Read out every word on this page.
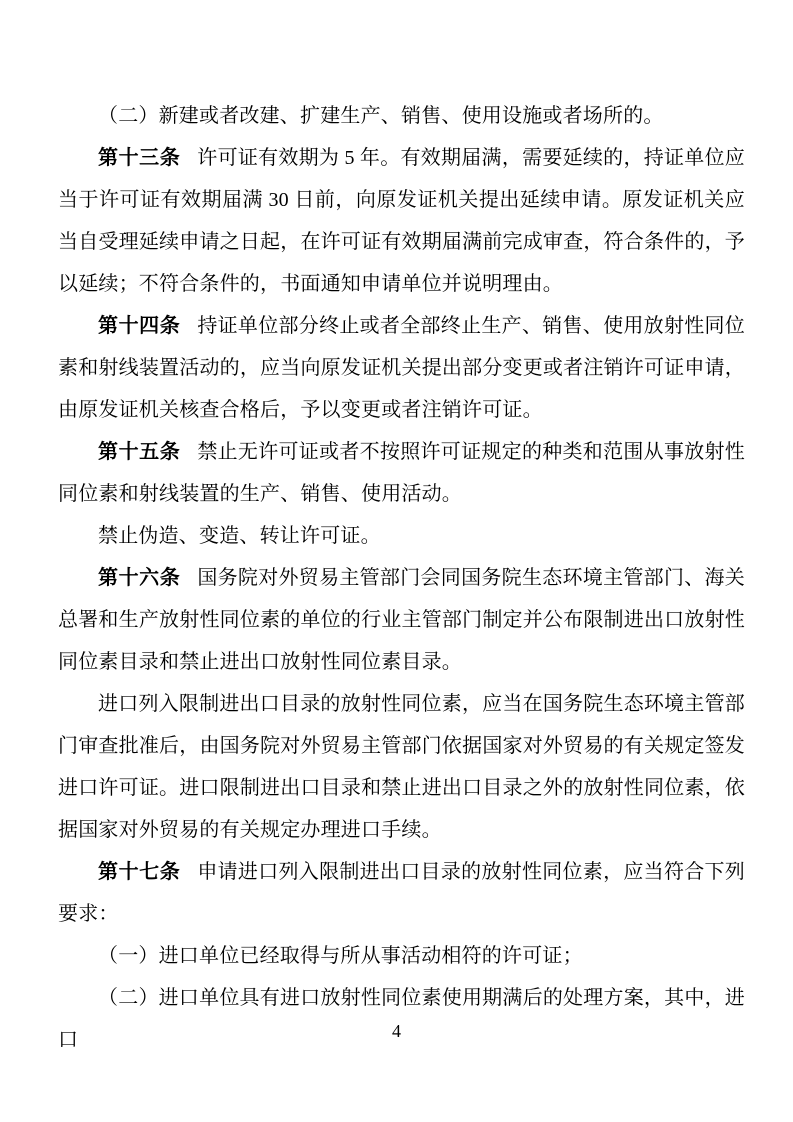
（二）新建或者改建、扩建生产、销售、使用设施或者场所的。

第十三条 许可证有效期为 5 年。有效期届满，需要延续的，持证单位应当于许可证有效期届满 30 日前，向原发证机关提出延续申请。原发证机关应当自受理延续申请之日起，在许可证有效期届满前完成审查，符合条件的，予以延续；不符合条件的，书面通知申请单位并说明理由。

第十四条 持证单位部分终止或者全部终止生产、销售、使用放射性同位素和射线装置活动的，应当向原发证机关提出部分变更或者注销许可证申请，由原发证机关核查合格后，予以变更或者注销许可证。

第十五条 禁止无许可证或者不按照许可证规定的种类和范围从事放射性同位素和射线装置的生产、销售、使用活动。

禁止伪造、变造、转让许可证。

第十六条 国务院对外贸易主管部门会同国务院生态环境主管部门、海关总署和生产放射性同位素的单位的行业主管部门制定并公布限制进出口放射性同位素目录和禁止进出口放射性同位素目录。

进口列入限制进出口目录的放射性同位素，应当在国务院生态环境主管部门审查批准后，由国务院对外贸易主管部门依据国家对外贸易的有关规定签发进口许可证。进口限制进出口目录和禁止进出口目录之外的放射性同位素，依据国家对外贸易的有关规定办理进口手续。

第十七条 申请进口列入限制进出口目录的放射性同位素，应当符合下列要求：

（一）进口单位已经取得与所从事活动相符的许可证；

（二）进口单位具有进口放射性同位素使用期满后的处理方案，其中，进口	4
